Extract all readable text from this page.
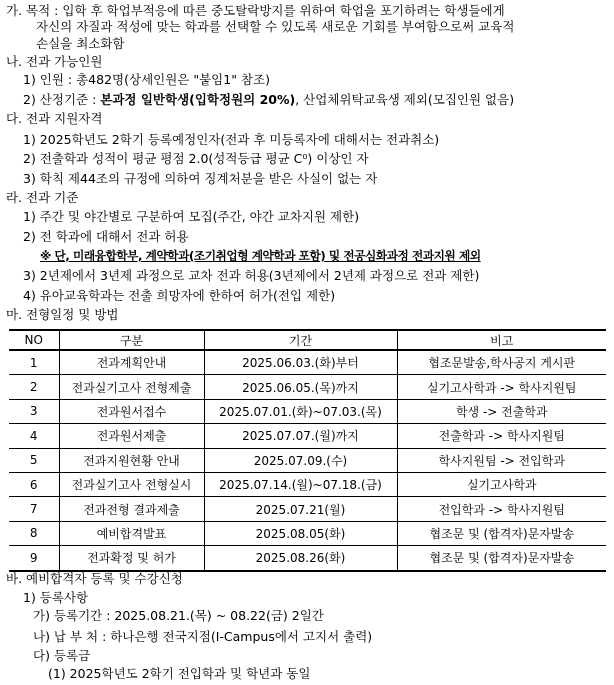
가. 목적 : 입학 후 학업부적응에 따른 중도탈락방지를 위하여 학업을 포기하려는 학생들에게
자신의 자질과 적성에 맞는 학과를 선택할 수 있도록 새로운 기회를 부여함으로써 교육적
손실을 최소화함
나. 전과 가능인원
1) 인원 : 총482명(상세인원은 "붙임1" 참조)
2) 산정기준 : 본과정 일반학생(입학정원의 20%), 산업체위탁교육생 제외(모집인원 없음)
다. 전과 지원자격
1) 2025학년도 2학기 등록예정인자(전과 후 미등록자에 대해서는 전과취소)
2) 전출학과 성적이 평균 평점 2.0(성적등급 평균 C⁰) 이상인 자
3) 학칙 제44조의 규정에 의하여 징계처분을 받은 사실이 없는 자
라. 전과 기준
1) 주간 및 야간별로 구분하여 모집(주간, 야간 교차지원 제한)
2) 전 학과에 대해서 전과 허용
※ 단, 미래융합학부, 계약학과(조기취업형 계약학과 포함) 및 전공심화과정 전과지원 제외
3) 2년제에서 3년제 과정으로 교차 전과 허용(3년제에서 2년제 과정으로 전과 제한)
4) 유아교육학과는 전출 희망자에 한하여 허가(전입 제한)
마. 전형일정 및 방법
NO	구분	기간	비고
1	전과계획안내	2025.06.03.(화)부터	협조문발송,학사공지 게시판
2	전과실기고사 전형제출	2025.06.05.(목)까지	실기고사학과 -> 학사지원팀
3	전과원서접수	2025.07.01.(화)~07.03.(목)	학생 -> 전출학과
4	전과원서제출	2025.07.07.(월)까지	전출학과 -> 학사지원팀
5	전과지원현황 안내	2025.07.09.(수)	학사지원팀 -> 전입학과
6	전과실기고사 전형실시	2025.07.14.(월)~07.18.(금)	실기고사학과
7	전과전형 결과제출	2025.07.21(월)	전입학과 -> 학사지원팀
8	예비합격발표	2025.08.05(화)	협조문 및 (합격자)문자발송
9	전과확정 및 허가	2025.08.26(화)	협조문 및 (합격자)문자발송
바. 예비합격자 등록 및 수강신청
1) 등록사항
가) 등록기간 : 2025.08.21.(목) ~ 08.22(금) 2일간
나) 납 부 처 : 하나은행 전국지점(I-Campus에서 고지서 출력)
다) 등록금
(1) 2025학년도 2학기 전입학과 및 학년과 동일
